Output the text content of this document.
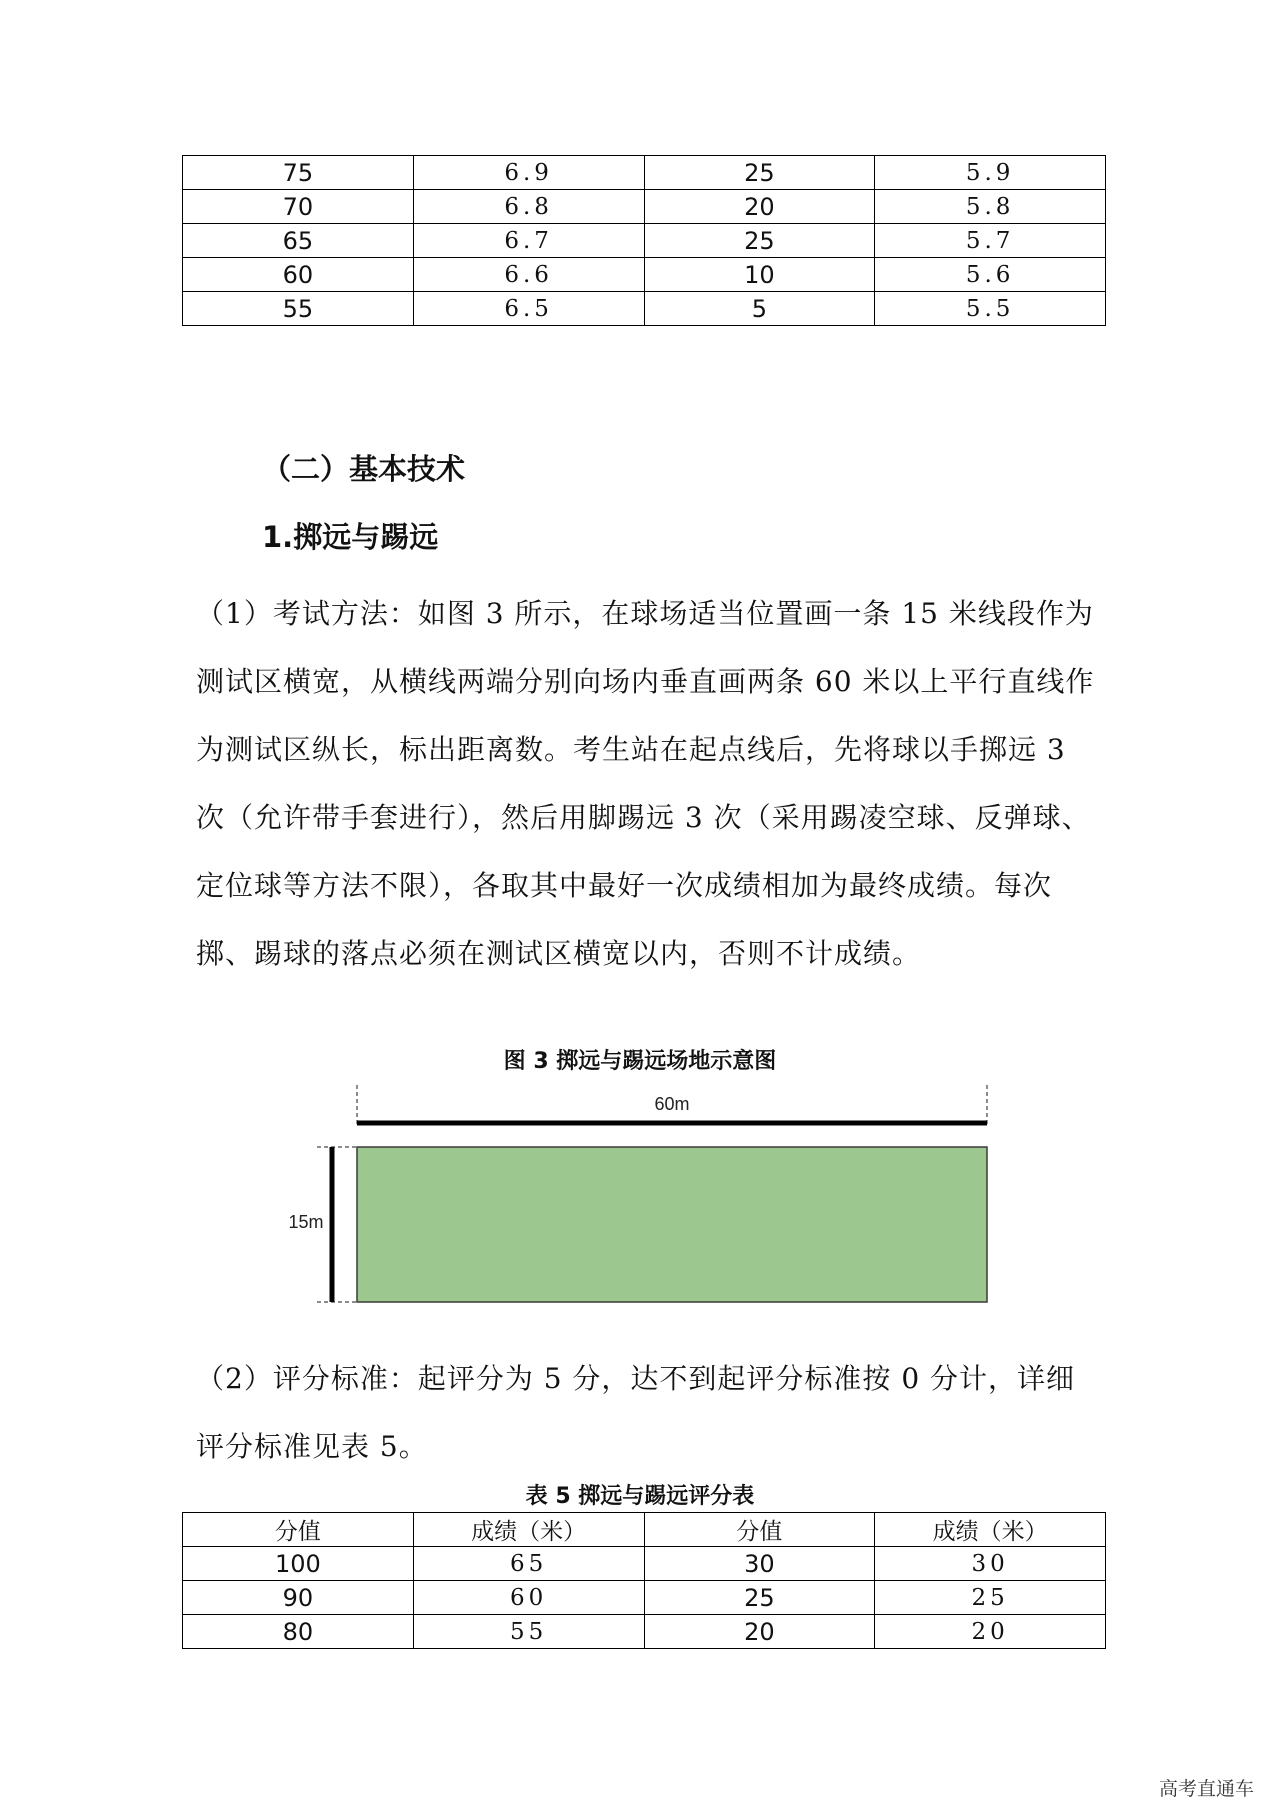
75	6.9	25	5.9
70	6.8	20	5.8
65	6.7	25	5.7
60	6.6	10	5.6
55	6.5	5	5.5
（二）基本技术
1.掷远与踢远

（1）考试方法：如图 3 所示，在球场适当位置画一条 15 米线段作为测试区横宽，从横线两端分别向场内垂直画两条 60 米以上平行直线作为测试区纵长，标出距离数。考生站在起点线后，先将球以手掷远 3 次（允许带手套进行），然后用脚踢远 3 次（采用踢凌空球、反弹球、定位球等方法不限），各取其中最好一次成绩相加为最终成绩。每次掷、踢球的落点必须在测试区横宽以内，否则不计成绩。

图 3 掷远与踢远场地示意图
60m
15m

（2）评分标准：起评分为 5 分，达不到起评分标准按 0 分计，详细评分标准见表 5。

表 5 掷远与踢远评分表
分值	成绩（米）	分值	成绩（米）
100	65	30	30
90	60	25	25
80	55	20	20
高考直通车
